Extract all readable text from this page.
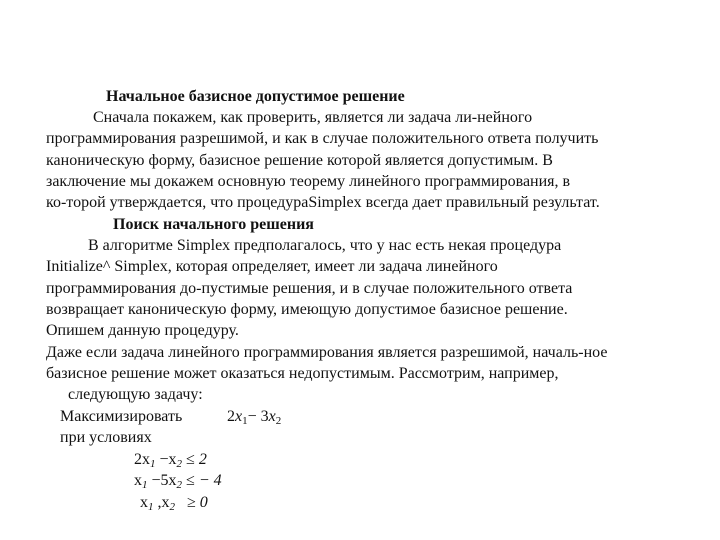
Начальное базисное допустимое решение

Сначала покажем, как проверить, является ли задача ли-нейного

программирования разрешимой, и как в случае положительного ответа получить

каноническую форму, базисное решение которой является допустимым. В

заключение мы докажем основную теорему линейного программирования, в

ко-торой утверждается, что процедураSimplex всегда дает правильный результат.

Поиск начального решения

В алгоритме Simplex предполагалось, что у нас есть некая процедура

Initialize^ Simplex, которая определяет, имеет ли задача линейного

программирования до-пустимые решения, и в случае положительного ответа

возвращает каноническую форму, имеющую допустимое базисное решение.

Опишем данную процедуру.

Даже если задача линейного программирования является разрешимой, началь-ное

базисное решение может оказаться недопустимым. Рассмотрим, например,

следующую задачу:

Максимизировать	$2x_1- 3x_2$

при условиях

$2x_1 -x_2 \le 2$

$x_1 -5x_2$ ≤ − 4

$x_1$ $,x_2 \ge 0$
